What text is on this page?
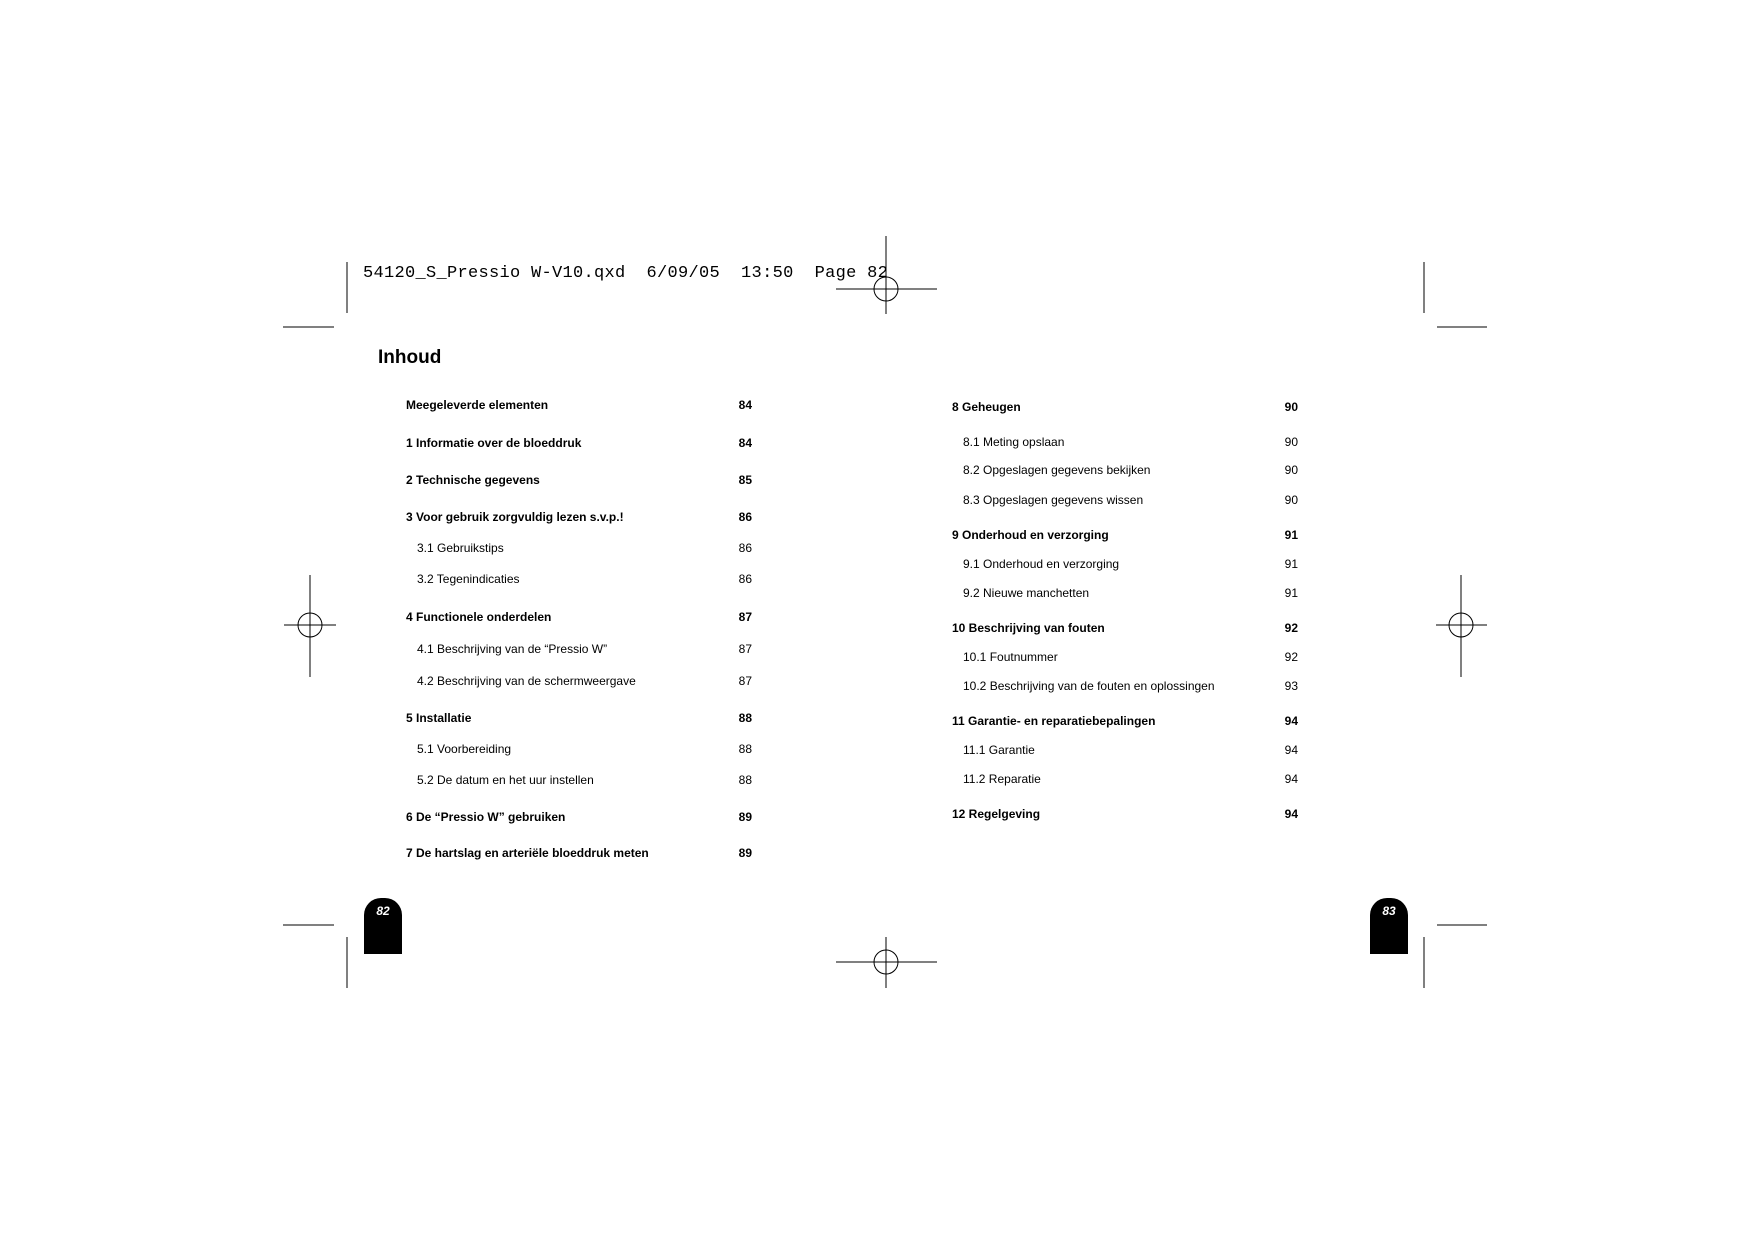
54120_S_Pressio W-V10.qxd  6/09/05  13:50  Page 82
Inhoud
Meegeleverde elementen	84
1 Informatie over de bloeddruk	84
2 Technische gegevens	85
3 Voor gebruik zorgvuldig lezen s.v.p.!	86
3.1 Gebruikstips	86
3.2 Tegenindicaties	86
4 Functionele onderdelen	87
4.1 Beschrijving van de “Pressio W”	87
4.2 Beschrijving van de schermweergave	87
5 Installatie	88
5.1 Voorbereiding	88
5.2 De datum en het uur instellen	88
6 De “Pressio W” gebruiken	89
7 De hartslag en arteriële bloeddruk meten	89
8 Geheugen	90
8.1 Meting opslaan	90
8.2 Opgeslagen gegevens bekijken	90
8.3 Opgeslagen gegevens wissen	90
9 Onderhoud en verzorging	91
9.1 Onderhoud en verzorging	91
9.2 Nieuwe manchetten	91
10 Beschrijving van fouten	92
10.1 Foutnummer	92
10.2 Beschrijving van de fouten en oplossingen	93
11 Garantie- en reparatiebepalingen	94
11.1 Garantie	94
11.2 Reparatie	94
12 Regelgeving	94
82	83
